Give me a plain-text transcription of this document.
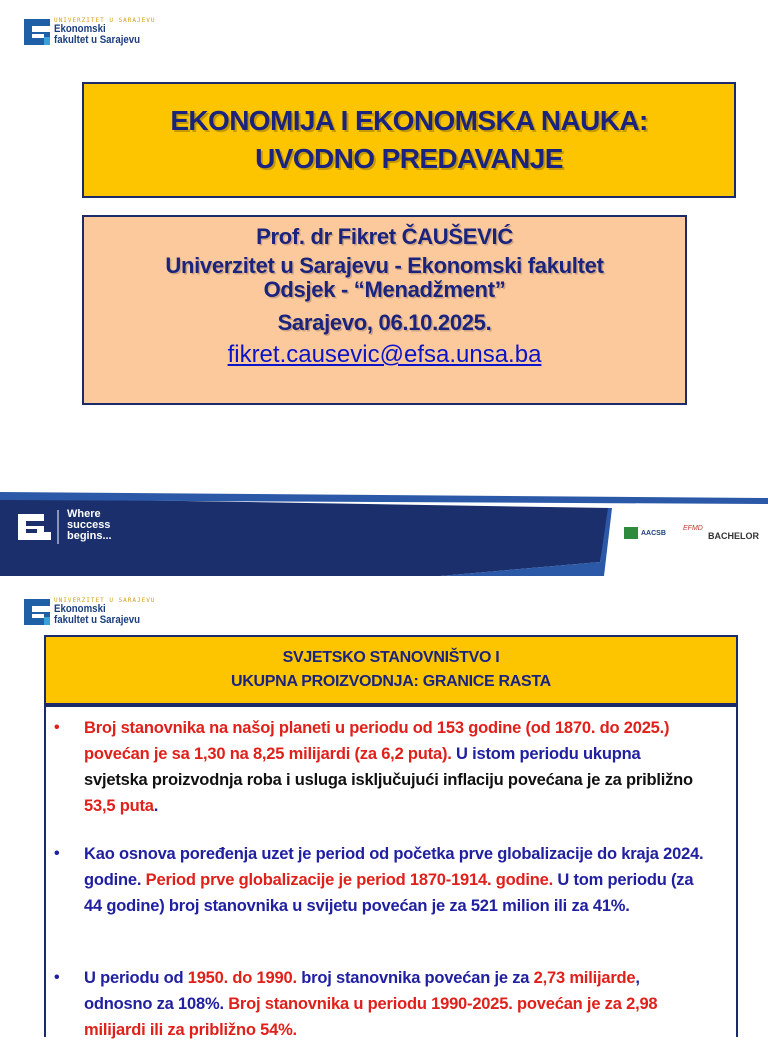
UNIVERZITET U SARAJEVU
Ekonomski
fakultet u Sarajevu
EKONOMIJA I EKONOMSKA NAUKA:
UVODNO PREDAVANJE
Prof. dr Fikret ČAUŠEVIĆ
Univerzitet u Sarajevu - Ekonomski fakultet
Odsjek - “Menadžment”
Sarajevo, 06.10.2025.
fikret.causevic@efsa.unsa.ba
Where
success
begins...	AACSB
EFMD
BACHELOR
UNIVERZITET U SARAJEVU
Ekonomski
fakultet u Sarajevu
SVJETSKO STANOVNIŠTVO I
UKUPNA PROIZVODNJA: GRANICE RASTA
• Broj stanovnika na našoj planeti u periodu od 153 godine (od 1870. do 2025.) povećan je sa 1,30 na 8,25 milijardi (za 6,2 puta). U istom periodu ukupna svjetska proizvodnja roba i usluga isključujući inflaciju povećana je za približno 53,5 puta.
• Kao osnova poređenja uzet je period od početka prve globalizacije do kraja 2024. godine. Period prve globalizacije je period 1870-1914. godine. U tom periodu (za 44 godine) broj stanovnika u svijetu povećan je za 521 milion ili za 41%.
• U periodu od 1950. do 1990. broj stanovnika povećan je za 2,73 milijarde, odnosno za 108%. Broj stanovnika u periodu 1990-2025. povećan je za 2,98 milijardi ili za približno 54%.
